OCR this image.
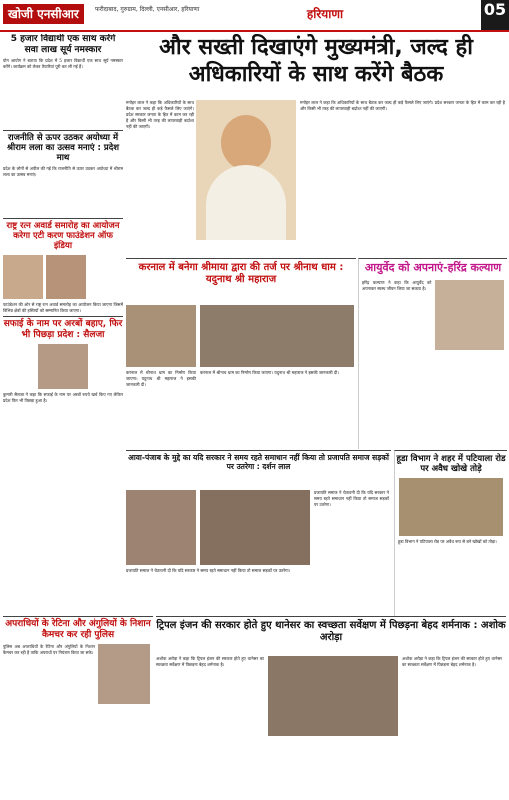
खोजी एनसीआर	फरीदाबाद, गुरुग्राम, दिल्ली, एनसीआर, हरियाणा	हरियाणा	05
5 हजार विद्यार्थी एक साथ करेंगे सवा लाख सूर्य नमस्कार
योग आयोग ने बताया कि प्रदेश में 5 हजार विद्यार्थी एक साथ सूर्य नमस्कार करेंगे। कार्यक्रम को लेकर तैयारियां पूरी कर ली गई हैं।
और सख्ती दिखाएंगे मुख्यमंत्री, जल्द ही
अधिकारियों के साथ करेंगे बैठक
मनोहर लाल ने कहा कि अधिकारियों के साथ बैठक कर जल्द ही कड़े फैसले लिए जाएंगे। प्रदेश सरकार जनता के हित में काम कर रही है और किसी भी तरह की लापरवाही बर्दाश्त नहीं की जाएगी।
मनोहर लाल ने कहा कि अधिकारियों के साथ बैठक कर जल्द ही कड़े फैसले लिए जाएंगे। प्रदेश सरकार जनता के हित में काम कर रही है और किसी भी तरह की लापरवाही बर्दाश्त नहीं की जाएगी।
राजनीति से ऊपर उठकर अयोध्या में श्रीराम लला का उत्सव मनाएं : प्रदेश माथ
प्रदेश के लोगों से अपील की गई कि राजनीति से ऊपर उठकर अयोध्या में श्रीराम लला का उत्सव मनाएं।
राष्ट्र रत्न अवार्ड समारोह का आयोजन करेगा एटी करण फाउंडेशन ऑफ इंडिया
फाउंडेशन की ओर से राष्ट्र रत्न अवार्ड समारोह का आयोजन किया जाएगा जिसमें विभिन्न क्षेत्रों की हस्तियों को सम्मानित किया जाएगा।
करनाल में बनेगा श्रीमाया द्वारा की तर्ज पर श्रीनाथ धाम : यदुनाथ श्री महाराज
करनाल में श्रीनाथ धाम का निर्माण किया जाएगा। यदुनाथ श्री महाराज ने इसकी जानकारी दी।
करनाल में श्रीनाथ धाम का निर्माण किया जाएगा। यदुनाथ श्री महाराज ने इसकी जानकारी दी।
आयुर्वेद को अपनाएं-हरिंद्र कल्याण
हरिंद्र कल्याण ने कहा कि आयुर्वेद को अपनाकर स्वस्थ जीवन जिया जा सकता है।
सफाई के नाम पर अरबों बहाए, फिर भी पिछड़ा प्रदेश : सैलजा
कुमारी सैलजा ने कहा कि सफाई के नाम पर अरबों रुपये खर्च किए गए लेकिन प्रदेश फिर भी पिछड़ा हुआ है।
आवा-पंजाब के मुद्दे का यदि सरकार ने समय रहते समाधान नहीं किया तो प्रजापति समाज सड़कों पर उतरेगा : दर्शन लाल
प्रजापति समाज ने चेतावनी दी कि यदि सरकार ने समय रहते समाधान नहीं किया तो समाज सड़कों पर उतरेगा।
प्रजापति समाज ने चेतावनी दी कि यदि सरकार ने समय रहते समाधान नहीं किया तो समाज सड़कों पर उतरेगा।
हूडा विभाग ने शहर में पटियाला रोड पर अवैध खोखे तोड़े
हूडा विभाग ने पटियाला रोड पर अवैध रूप से बने खोखों को तोड़ा।
अपराधियों के रेटिना और अंगुलियों के निशान कैमचर कर रही पुलिस
पुलिस अब अपराधियों के रेटिना और अंगुलियों के निशान कैमचर कर रही है ताकि अपराधों पर नियंत्रण किया जा सके।
ट्रिपल इंजन की सरकार होते हुए थानेसर का स्वच्छता सर्वेक्षण में पिछड़ना बेहद शर्मनाक : अशोक अरोड़ा
अशोक अरोड़ा ने कहा कि ट्रिपल इंजन की सरकार होते हुए थानेसर का स्वच्छता सर्वेक्षण में पिछड़ना बेहद शर्मनाक है।
अशोक अरोड़ा ने कहा कि ट्रिपल इंजन की सरकार होते हुए थानेसर का स्वच्छता सर्वेक्षण में पिछड़ना बेहद शर्मनाक है।
